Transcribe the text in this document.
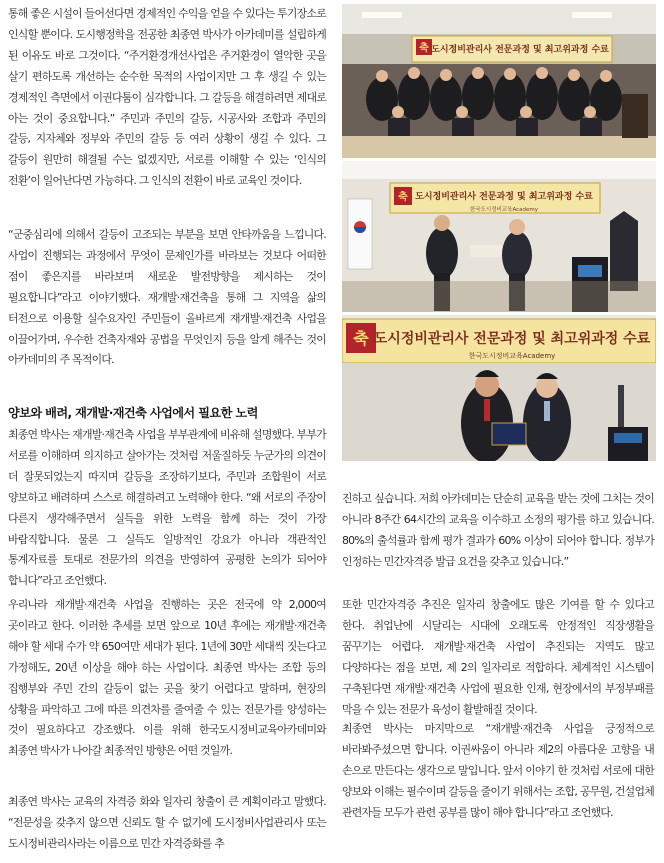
통해 좋은 시설이 들어선다면 경제적인 수익을 얻을 수 있다는 투기장소로 인식할 뿐이다. 도시행정학을 전공한 최종연 박사가 아카데미를 설립하게 된 이유도 바로 그것이다. “주거환경개선사업은 주거환경이 열악한 곳을 살기 편하도록 개선하는 순수한 목적의 사업이지만 그 후 생길 수 있는 경제적인 측면에서 이권다툼이 심각합니다. 그 갈등을 해결하려면 제대로 아는 것이 중요합니다.” 주민과 주민의 갈등, 시공사와 조합과 주민의 갈등, 지자체와 정부와 주민의 갈등 등 여러 상황이 생길 수 있다. 그 갈등이 원만히 해결될 수는 없겠지만, 서로를 이해할 수 있는 ‘인식의 전환’이 일어난다면 가능하다. 그 인식의 전환이 바로 교육인 것이다.

“군중심리에 의해서 갈등이 고조되는 부분을 보면 안타까움을 느낍니다. 사업이 진행되는 과정에서 무엇이 문제인가를 바라보는 것보다 어떠한 점이 좋은지를 바라보며 새로운 발전방향을 제시하는 것이 필요합니다”라고 이야기했다. 재개발·재건축을 통해 그 지역을 삶의 터전으로 이용할 실수요자인 주민들이 올바르게 재개발·재건축 사업을 이끌어가며, 우수한 건축자재와 공법을 무엇인지 등을 알게 해주는 것이 아카데미의 주 목적이다.

양보와 배려, 재개발·재건축 사업에서 필요한 노력

최종연 박사는 재개발·재건축 사업을 부부관계에 비유해 설명했다. 부부가 서로를 이해하며 의지하고 살아가는 것처럼 저울질하듯 누군가의 의견이 더 잘못되었는지 따지며 갈등을 조장하기보다, 주민과 조합원이 서로 양보하고 배려하며 스스로 해결하려고 노력해야 한다. “왜 서로의 주장이 다른지 생각해주면서 실득을 위한 노력을 함께 하는 것이 가장 바람직합니다. 물론 그 실득도 일방적인 강요가 아니라 객관적인 통계자료를 토대로 전문가의 의견을 반영하여 공평한 논의가 되어야 합니다”라고 조언했다.

우리나라 재개발·재건축 사업을 진행하는 곳은 전국에 약 2,000여 곳이라고 한다. 이러한 추세를 보면 앞으로 10년 후에는 재개발·재건축 해야 할 세대 수가 약 650여만 세대가 된다. 1년에 30만 세대씩 짓는다고 가정해도, 20년 이상을 해야 하는 사업이다. 최종연 박사는 조합 등의 집행부와 주민 간의 갈등이 없는 곳을 찾기 어렵다고 말하며, 현장의 상황을 파악하고 그에 따른 의견차를 줄여줄 수 있는 전문가를 양성하는 것이 필요하다고 강조했다. 이를 위해 한국도시정비교육아카데미와 최종연 박사가 나아갈 최종적인 방향은 어떤 것일까.

최종연 박사는 교육의 자격증 화와 일자리 창출이 큰 계획이라고 말했다. “전문성을 갖추지 않으면 신뢰도 할 수 없기에 도시정비사업관리사 또는 도시정비관리사라는 이름으로 민간 자격증화를 추

진하고 싶습니다. 저희 아카데미는 단순히 교육을 받는 것에 그치는 것이 아니라 8주간 64시간의 교육을 이수하고 소정의 평가를 하고 있습니다. 80%의 출석률과 함께 평가 결과가 60% 이상이 되어야 합니다. 정부가 인정하는 민간자격증 발급 요건을 갖추고 있습니다.”

또한 민간자격증 추진은 일자리 창출에도 많은 기여를 할 수 있다고 한다. 취업난에 시달리는 시대에 오래도록 안정적인 직장생활을 꿈꾸기는 어렵다. 재개발·재건축 사업이 추진되는 지역도 많고 다양하다는 점을 보면, 제 2의 일자리로 적합하다. 체계적인 시스템이 구축된다면 재개발·재건축 사업에 필요한 인재, 현장에서의 부정부패를 막을 수 있는 전문가 육성이 활발해질 것이다.

최종연 박사는 마지막으로 “재개발·재건축 사업을 긍정적으로 바라봐주셨으면 합니다. 이권싸움이 아니라 제2의 아름다운 고향을 내 손으로 만든다는 생각으로 말입니다. 앞서 이야기 한 것처럼 서로에 대한 양보와 이해는 필수이며 갈등을 줄이기 위해서는 조합, 공무원, 건설업체 관련자들 모두가 관련 공부를 많이 해야 합니다”라고 조언했다.

축 도시정비관리사 전문과정 및 최고위과정 수료
축 도시정비관리사 전문과정 및 최고위과정 수료
한국도시정비교육Academy
축 도시정비관리사 전문과정 및 최고위과정 수료
한국도시정비교육Academy
